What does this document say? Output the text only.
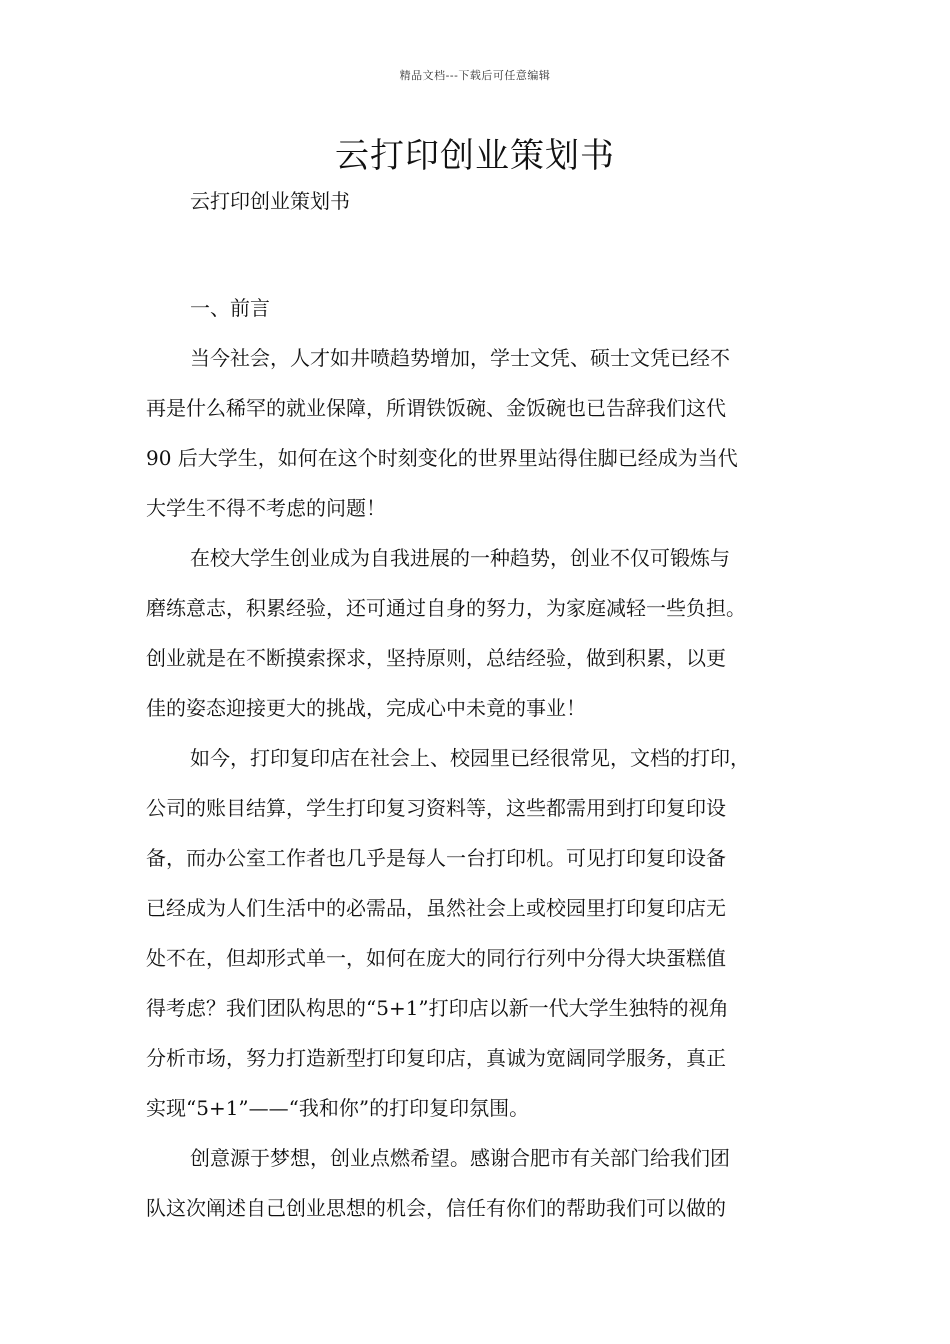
精品文档---下载后可任意编辑
云打印创业策划书

云打印创业策划书

一、前言

当今社会，人才如井喷趋势增加，学士文凭、硕士文凭已经不
再是什么稀罕的就业保障，所谓铁饭碗、金饭碗也已告辞我们这代
90 后大学生，如何在这个时刻变化的世界里站得住脚已经成为当代
大学生不得不考虑的问题！
在校大学生创业成为自我进展的一种趋势，创业不仅可锻炼与
磨练意志，积累经验，还可通过自身的努力，为家庭减轻一些负担。
创业就是在不断摸索探求，坚持原则，总结经验，做到积累，以更
佳的姿态迎接更大的挑战，完成心中未竟的事业！
如今，打印复印店在社会上、校园里已经很常见，文档的打印，
公司的账目结算，学生打印复习资料等，这些都需用到打印复印设
备，而办公室工作者也几乎是每人一台打印机。可见打印复印设备
已经成为人们生活中的必需品，虽然社会上或校园里打印复印店无
处不在，但却形式单一，如何在庞大的同行行列中分得大块蛋糕值
得考虑？我们团队构思的“5+1”打印店以新一代大学生独特的视角
分析市场，努力打造新型打印复印店，真诚为宽阔同学服务，真正
实现“5+1”——“我和你”的打印复印氛围。
创意源于梦想，创业点燃希望。感谢合肥市有关部门给我们团
队这次阐述自己创业思想的机会，信任有你们的帮助我们可以做的
